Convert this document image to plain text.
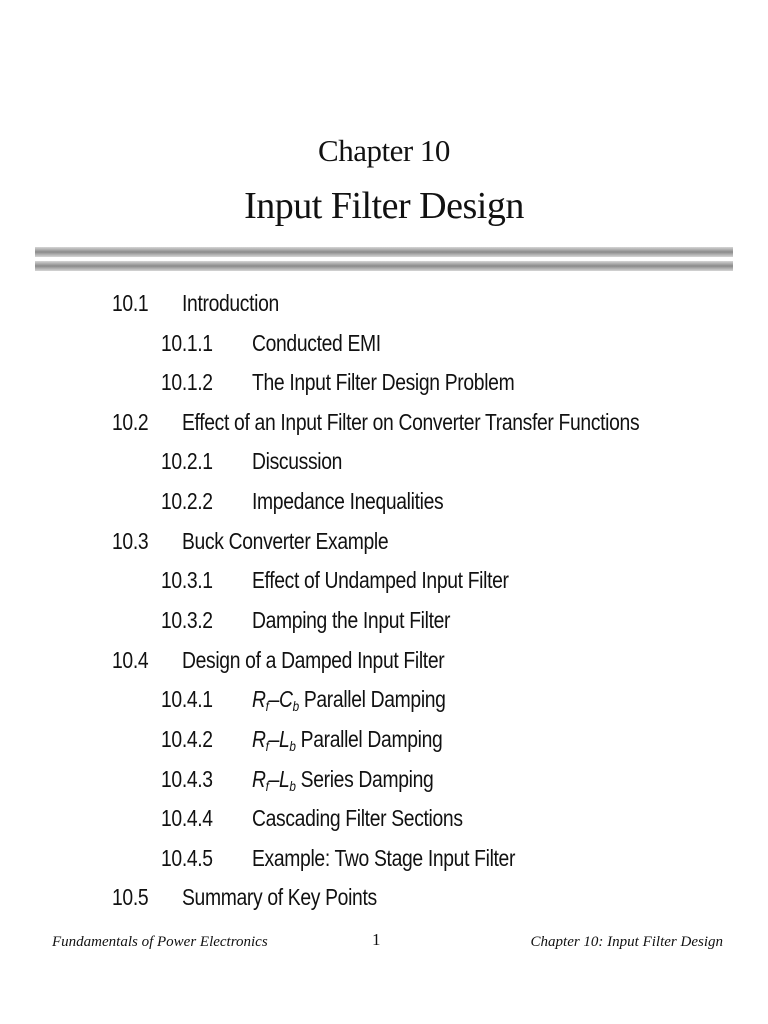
Chapter 10
Input Filter Design
10.1 Introduction
10.1.1 Conducted EMI
10.1.2 The Input Filter Design Problem
10.2 Effect of an Input Filter on Converter Transfer Functions
10.2.1 Discussion
10.2.2 Impedance Inequalities
10.3 Buck Converter Example
10.3.1 Effect of Undamped Input Filter
10.3.2 Damping the Input Filter
10.4 Design of a Damped Input Filter
10.4.1 $R_f-C_b$ Parallel Damping
10.4.2 $R_f-L_b$ Parallel Damping
10.4.3 $R_f-L_b$ Series Damping
10.4.4 Cascading Filter Sections
10.4.5 Example: Two Stage Input Filter
10.5 Summary of Key Points
Fundamentals of Power Electronics	1	Chapter 10: Input Filter Design
